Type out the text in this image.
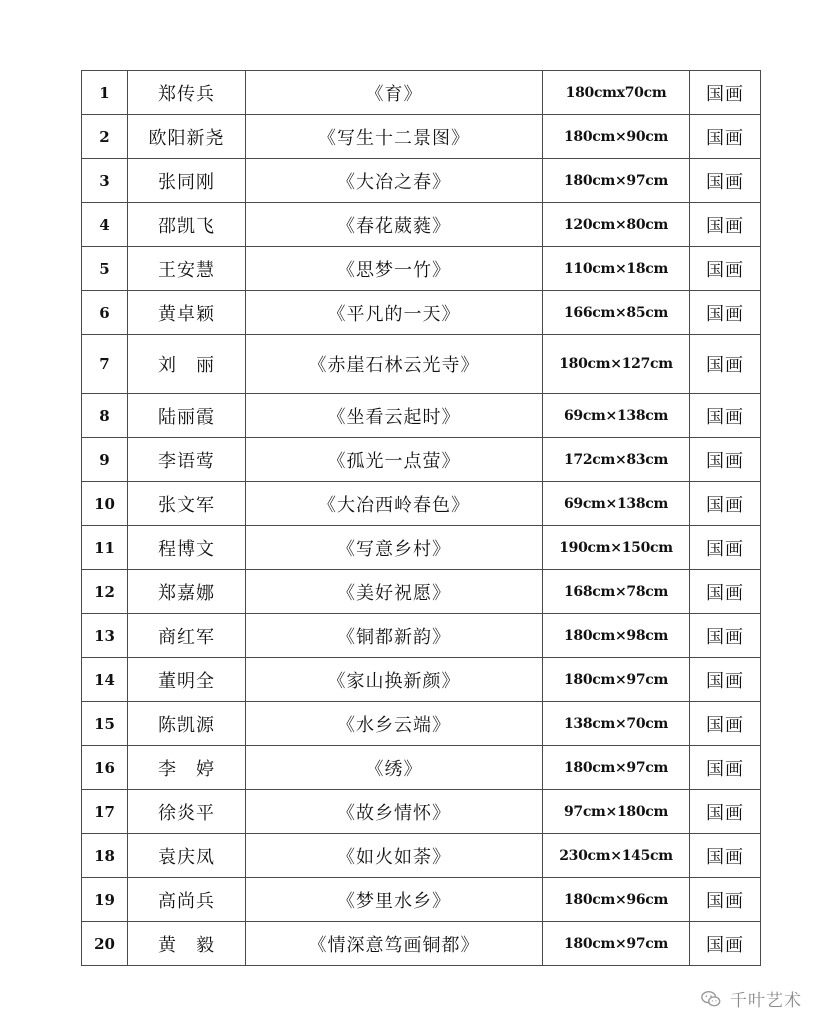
1	郑传兵	《育》	180cmx70cm	国画
2	欧阳新尧	《写生十二景图》	180cm×90cm	国画
3	张同刚	《大冶之春》	180cm×97cm	国画
4	邵凯飞	《春花葳蕤》	120cm×80cm	国画
5	王安慧	《思梦一竹》	110cm×18cm	国画
6	黄卓颖	《平凡的一天》	166cm×85cm	国画
7	刘　丽	《赤崖石林云光寺》	180cm×127cm	国画
8	陆丽霞	《坐看云起时》	69cm×138cm	国画
9	李语莺	《孤光一点萤》	172cm×83cm	国画
10	张文军	《大冶西岭春色》	69cm×138cm	国画
11	程博文	《写意乡村》	190cm×150cm	国画
12	郑嘉娜	《美好祝愿》	168cm×78cm	国画
13	商红军	《铜都新韵》	180cm×98cm	国画
14	董明全	《家山换新颜》	180cm×97cm	国画
15	陈凯源	《水乡云端》	138cm×70cm	国画
16	李　婷	《绣》	180cm×97cm	国画
17	徐炎平	《故乡情怀》	97cm×180cm	国画
18	袁庆凤	《如火如荼》	230cm×145cm	国画
19	高尚兵	《梦里水乡》	180cm×96cm	国画
20	黄　毅	《情深意笃画铜都》	180cm×97cm	国画
千叶艺术
